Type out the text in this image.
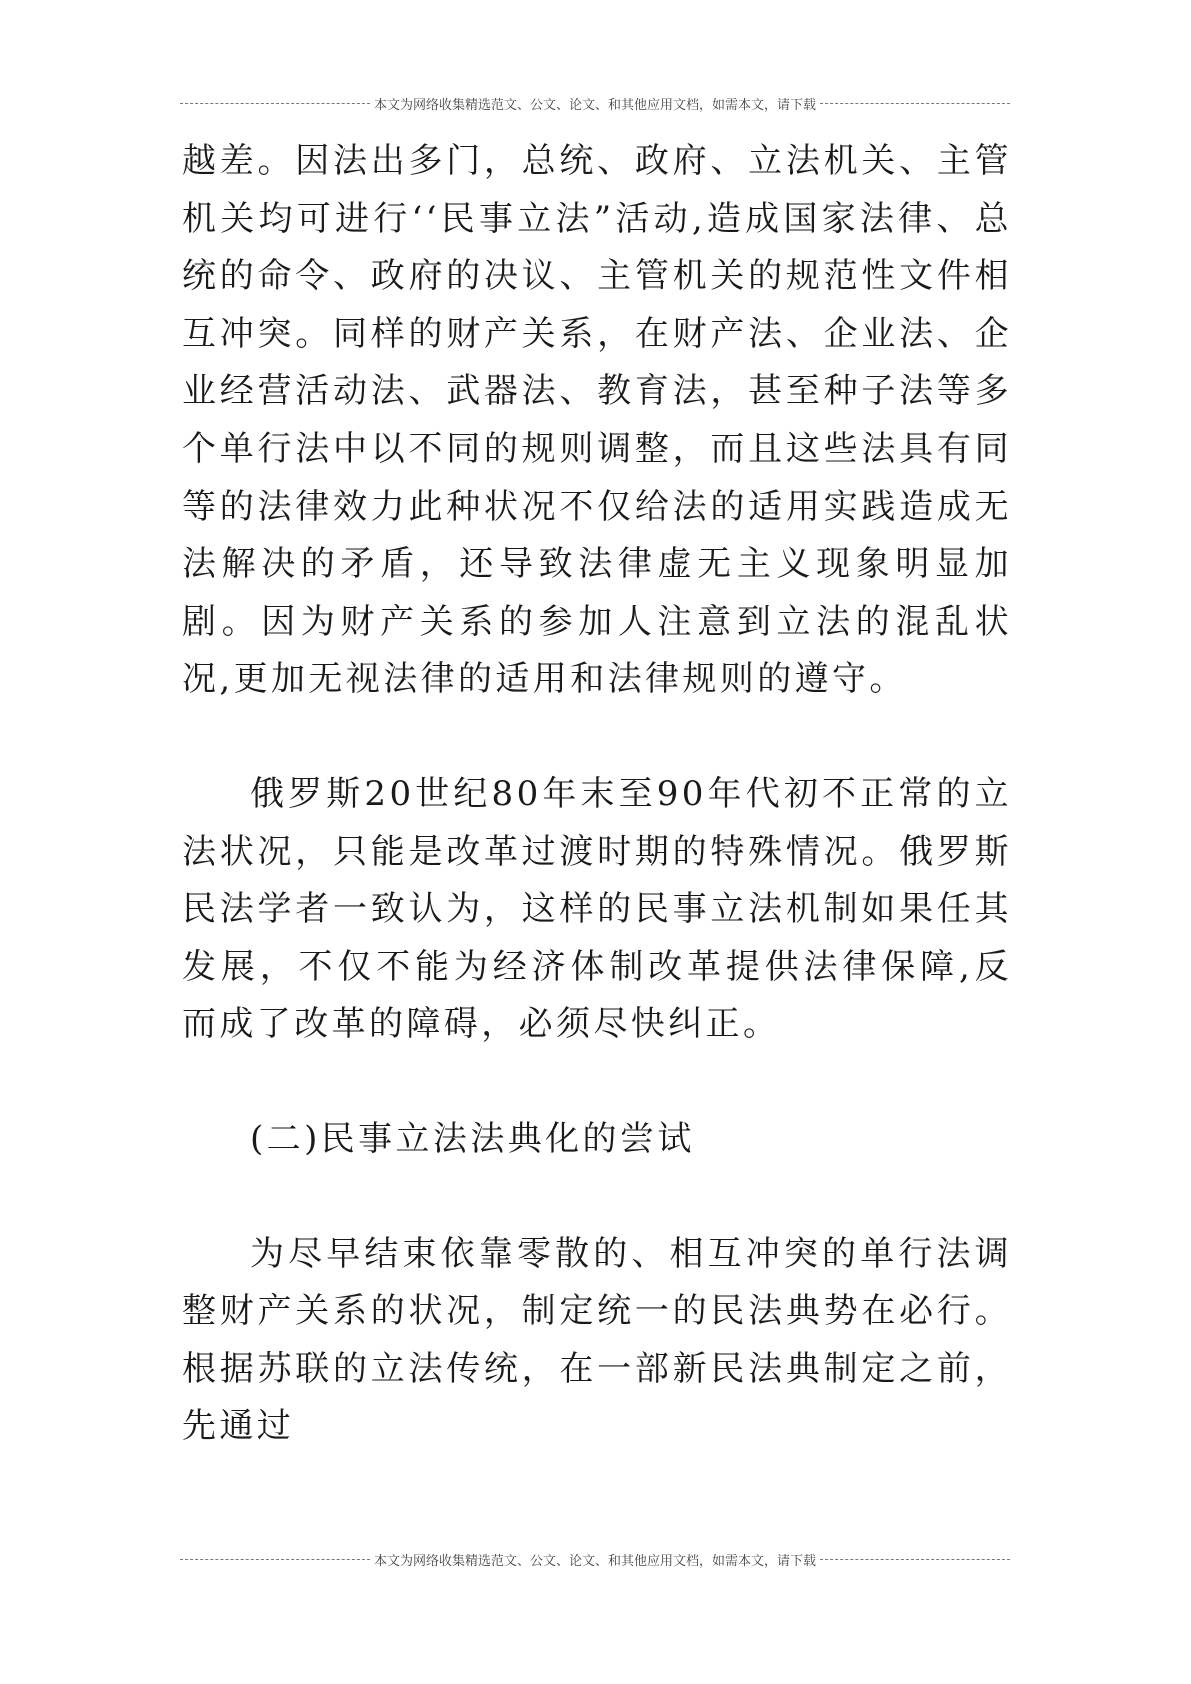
本文为网络收集精选范文、公文、论文、和其他应用文档，如需本文，请下载

越差。因法出多门，总统、政府、立法机关、主管机关均可进行‘‘民事立法”活动,造成国家法律、总统的命令、政府的决议、主管机关的规范性文件相互冲突。同样的财产关系，在财产法、企业法、企业经营活动法、武器法、教育法，甚至种子法等多个单行法中以不同的规则调整，而且这些法具有同等的法律效力此种状况不仅给法的适用实践造成无法解决的矛盾，还导致法律虚无主义现象明显加剧。因为财产关系的参加人注意到立法的混乱状况,更加无视法律的适用和法律规则的遵守。

俄罗斯20世纪80年末至90年代初不正常的立法状况，只能是改革过渡时期的特殊情况。俄罗斯民法学者一致认为，这样的民事立法机制如果任其发展，不仅不能为经济体制改革提供法律保障,反而成了改革的障碍，必须尽快纠正。

(二)民事立法法典化的尝试

为尽早结束依靠零散的、相互冲突的单行法调整财产关系的状况，制定统一的民法典势在必行。根据苏联的立法传统，在一部新民法典制定之前，先通过

本文为网络收集精选范文、公文、论文、和其他应用文档，如需本文，请下载
